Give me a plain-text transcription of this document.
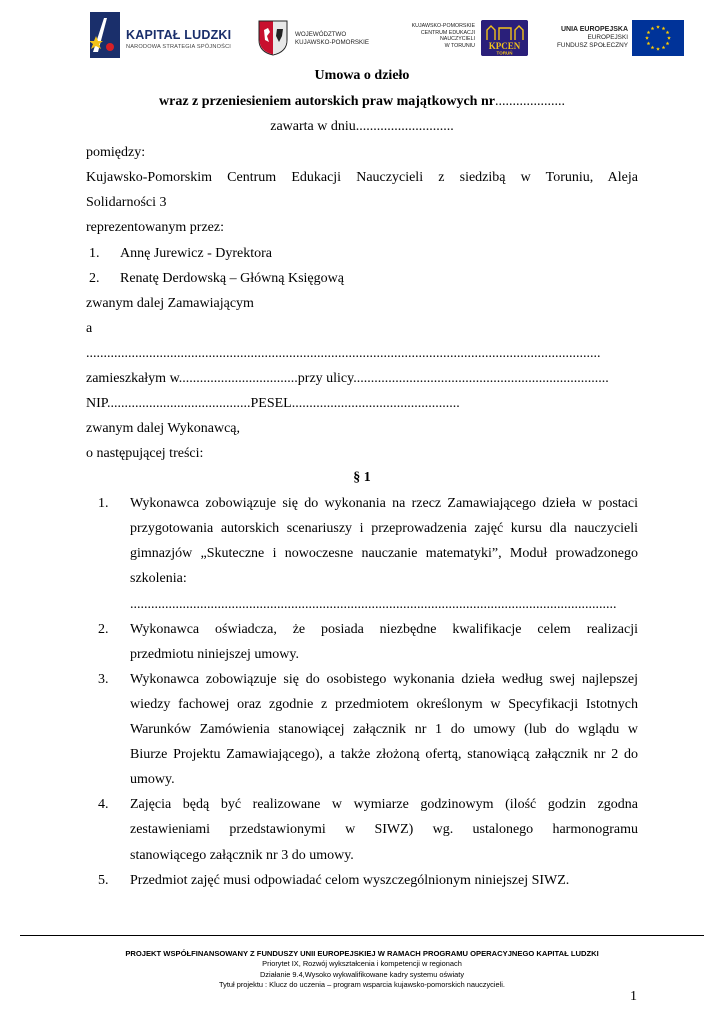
KAPITAŁ LUDZKI
NARODOWA STRATEGIA SPÓJNOŚCI
WOJEWÓDZTWO
KUJAWSKO-POMORSKIE
KUJAWSKO-POMORSKIE
CENTRUM EDUKACJI
NAUCZYCIELI
W TORUNIU KPCEN
TORUŃ
UNIA EUROPEJSKA
EUROPEJSKI
FUNDUSZ SPOŁECZNY
Umowa o dzieło
wraz z przeniesieniem autorskich praw majątkowych nr....................
zawarta w dniu............................
pomiędzy:
Kujawsko-Pomorskim Centrum Edukacji Nauczycieli z siedzibą w Toruniu, Aleja
Solidarności 3
reprezentowanym przez:
1. Annę Jurewicz - Dyrektora
2. Renatę Derdowską – Główną Księgową
zwanym dalej Zamawiającym
a
...................................................................................................................................................
zamieszkałym w..................................przy ulicy.........................................................................
NIP.........................................PESEL................................................
zwanym dalej Wykonawcą,
o następującej treści:
§ 1
1. Wykonawca zobowiązuje się do wykonania na rzecz Zamawiającego dzieła w postaci
przygotowania autorskich scenariuszy i przeprowadzenia zajęć kursu dla nauczycieli
gimnazjów „Skuteczne i nowoczesne nauczanie matematyki”, Moduł prowadzonego
szkolenia:
...........................................................................................................................................
2. Wykonawca oświadcza, że posiada niezbędne kwalifikacje celem realizacji
przedmiotu niniejszej umowy.
3. Wykonawca zobowiązuje się do osobistego wykonania dzieła według swej najlepszej
wiedzy fachowej oraz zgodnie z przedmiotem określonym w Specyfikacji Istotnych
Warunków Zamówienia stanowiącej załącznik nr 1 do umowy (lub do wglądu w
Biurze Projektu Zamawiającego), a także złożoną ofertą, stanowiącą załącznik nr 2 do
umowy.
4. Zajęcia będą być realizowane w wymiarze godzinowym (ilość godzin zgodna
zestawieniami przedstawionymi w SIWZ) wg. ustalonego harmonogramu
stanowiącego załącznik nr 3 do umowy.
5. Przedmiot zajęć musi odpowiadać celom wyszczególnionym niniejszej SIWZ.
PROJEKT WSPÓŁFINANSOWANY Z FUNDUSZY UNII EUROPEJSKIEJ W RAMACH PROGRAMU OPERACYJNEGO KAPITAŁ LUDZKI
Priorytet IX, Rozwój wykształcenia i kompetencji w regionach
Działanie 9.4,Wysoko wykwalifikowane kadry systemu oświaty
Tytuł projektu : Klucz do uczenia – program wsparcia kujawsko-pomorskich nauczycieli.
1
